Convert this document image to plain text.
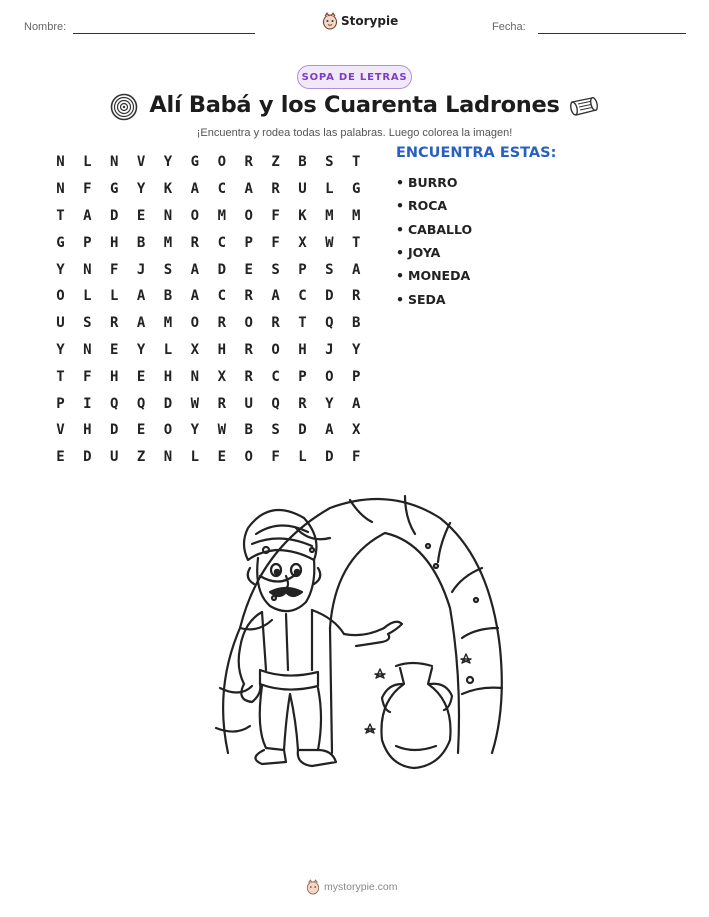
Nombre:	Storypie	Fecha:
SOPA DE LETRAS
Alí Babá y los Cuarenta Ladrones
¡Encuentra y rodea todas las palabras. Luego colorea la imagen!
N	L	N	V	Y	G	O	R	Z	B	S	T
N	F	G	Y	K	A	C	A	R	U	L	G
T	A	D	E	N	O	M	O	F	K	M	M
G	P	H	B	M	R	C	P	F	X	W	T
Y	N	F	J	S	A	D	E	S	P	S	A
O	L	L	A	B	A	C	R	A	C	D	R
U	S	R	A	M	O	R	O	R	T	Q	B
Y	N	E	Y	L	X	H	R	O	H	J	Y
T	F	H	E	H	N	X	R	C	P	O	P
P	I	Q	Q	D	W	R	U	Q	R	Y	A
V	H	D	E	O	Y	W	B	S	D	A	X
E	D	U	Z	N	L	E	O	F	L	D	F
ENCUENTRA ESTAS:
• BURRO
• ROCA
• CABALLO
• JOYA
• MONEDA
• SEDA
mystorypie.com
